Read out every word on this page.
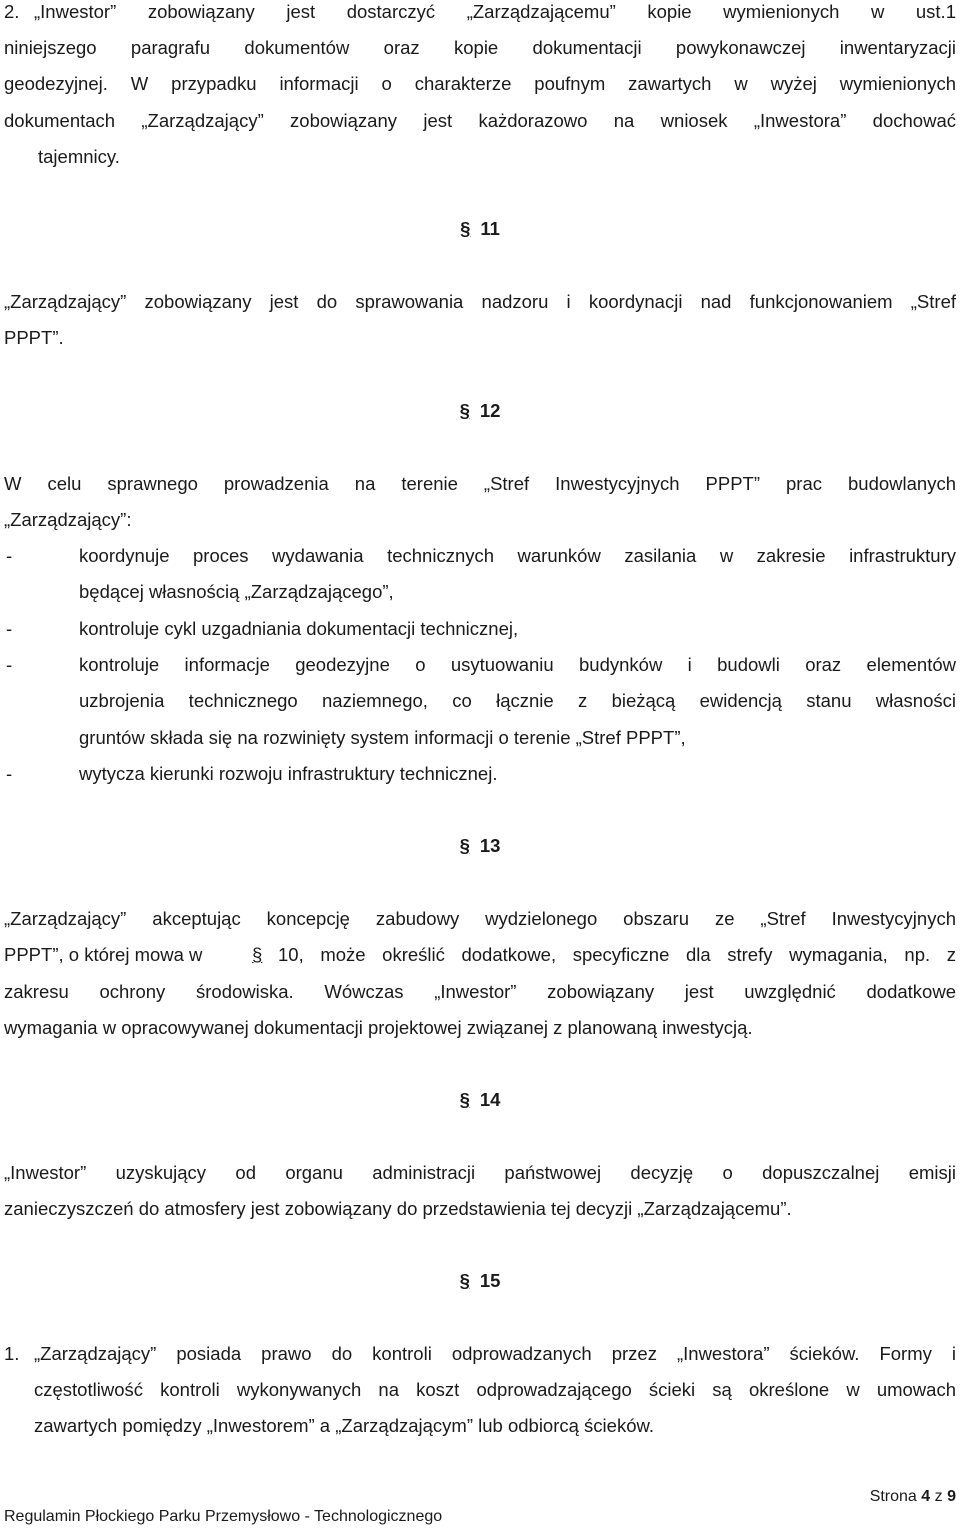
2. „Inwestor” zobowiązany jest dostarczyć „Zarządzającemu” kopie wymienionych w ust.1
niniejszego paragrafu dokumentów oraz kopie dokumentacji powykonawczej inwentaryzacji
geodezyjnej. W przypadku informacji o charakterze poufnym zawartych w wyżej wymienionych
dokumentach „Zarządzający” zobowiązany jest każdorazowo na wniosek „Inwestora” dochować
tajemnicy.
§ 11
„Zarządzający” zobowiązany jest do sprawowania nadzoru i koordynacji nad funkcjonowaniem „Stref
PPPT”.
§ 12
W celu sprawnego prowadzenia na terenie „Stref Inwestycyjnych PPPT” prac budowlanych
„Zarządzający”:
-	koordynuje proces wydawania technicznych warunków zasilania w zakresie infrastruktury
będącej własnością „Zarządzającego”,
-	kontroluje cykl uzgadniania dokumentacji technicznej,
-	kontroluje informacje geodezyjne o usytuowaniu budynków i budowli oraz elementów
uzbrojenia technicznego naziemnego, co łącznie z bieżącą ewidencją stanu własności
gruntów składa się na rozwinięty system informacji o terenie „Stref PPPT”,
-	wytycza kierunki rozwoju infrastruktury technicznej.
§ 13
„Zarządzający” akceptując koncepcję zabudowy wydzielonego obszaru ze „Stref Inwestycyjnych
PPPT”, o której mowa w	§ 10, może określić dodatkowe, specyficzne dla strefy wymagania, np. z
zakresu ochrony środowiska. Wówczas „Inwestor” zobowiązany jest uwzględnić dodatkowe
wymagania w opracowywanej dokumentacji projektowej związanej z planowaną inwestycją.
§ 14
„Inwestor” uzyskujący od organu administracji państwowej decyzję o dopuszczalnej emisji
zanieczyszczeń do atmosfery jest zobowiązany do przedstawienia tej decyzji „Zarządzającemu”.
§ 15
1. „Zarządzający” posiada prawo do kontroli odprowadzanych przez „Inwestora” ścieków. Formy i
częstotliwość kontroli wykonywanych na koszt odprowadzającego ścieki są określone w umowach
zawartych pomiędzy „Inwestorem” a „Zarządzającym” lub odbiorcą ścieków.
Strona 4 z 9
Regulamin Płockiego Parku Przemysłowo - Technologicznego
